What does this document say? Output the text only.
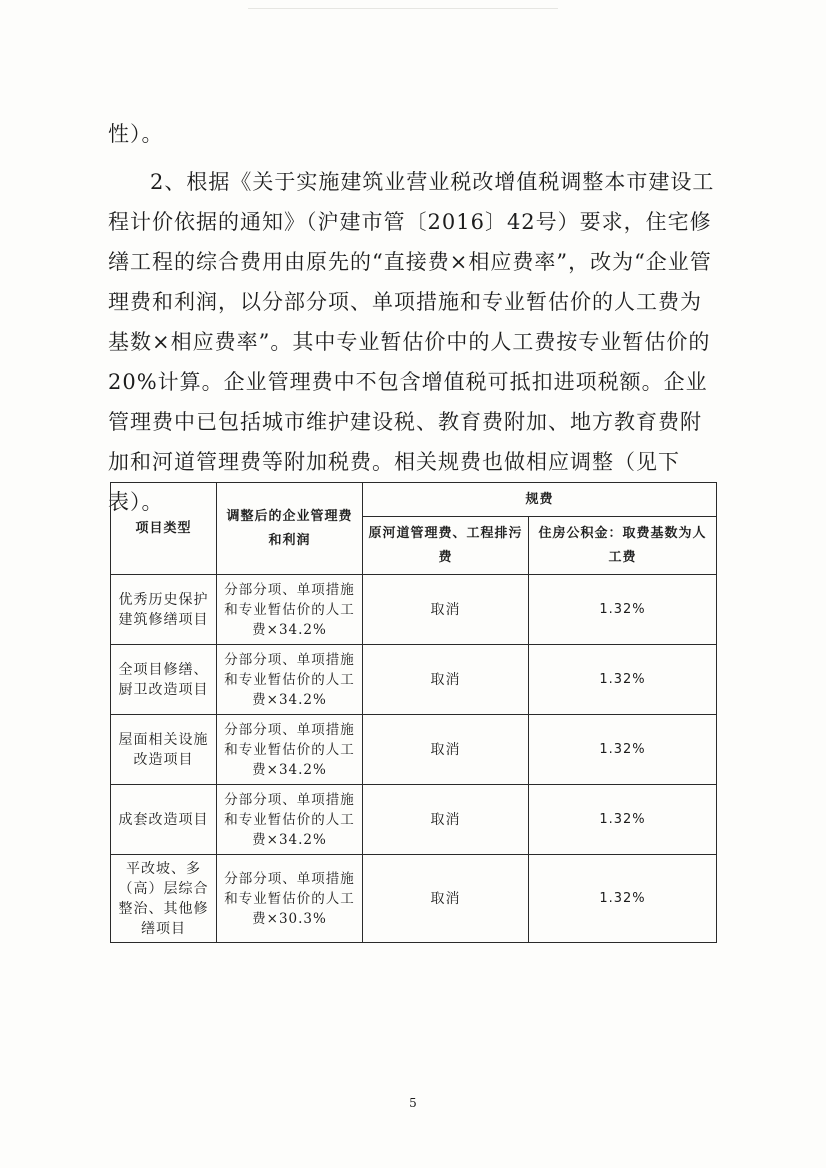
性）。

2、根据《关于实施建筑业营业税改增值税调整本市建设工程计价依据的通知》（沪建市管〔2016〕42号）要求，住宅修缮工程的综合费用由原先的“直接费×相应费率”，改为“企业管理费和利润，以分部分项、单项措施和专业暂估价的人工费为基数×相应费率”。其中专业暂估价中的人工费按专业暂估价的20%计算。企业管理费中不包含增值税可抵扣进项税额。企业管理费中已包括城市维护建设税、教育费附加、地方教育费附加和河道管理费等附加税费。相关规费也做相应调整（见下表）。

项目类型	调整后的企业管理费和利润	规费	
		原河道管理费、工程排污费	住房公积金：取费基数为人工费
优秀历史保护建筑修缮项目	分部分项、单项措施和专业暂估价的人工费×34.2%	取消	1.32%
全项目修缮、厨卫改造项目	分部分项、单项措施和专业暂估价的人工费×34.2%	取消	1.32%
屋面相关设施改造项目	分部分项、单项措施和专业暂估价的人工费×34.2%	取消	1.32%
成套改造项目	分部分项、单项措施和专业暂估价的人工费×34.2%	取消	1.32%
平改坡、多（高）层综合整治、其他修缮项目	分部分项、单项措施和专业暂估价的人工费×30.3%	取消	1.32%
5
